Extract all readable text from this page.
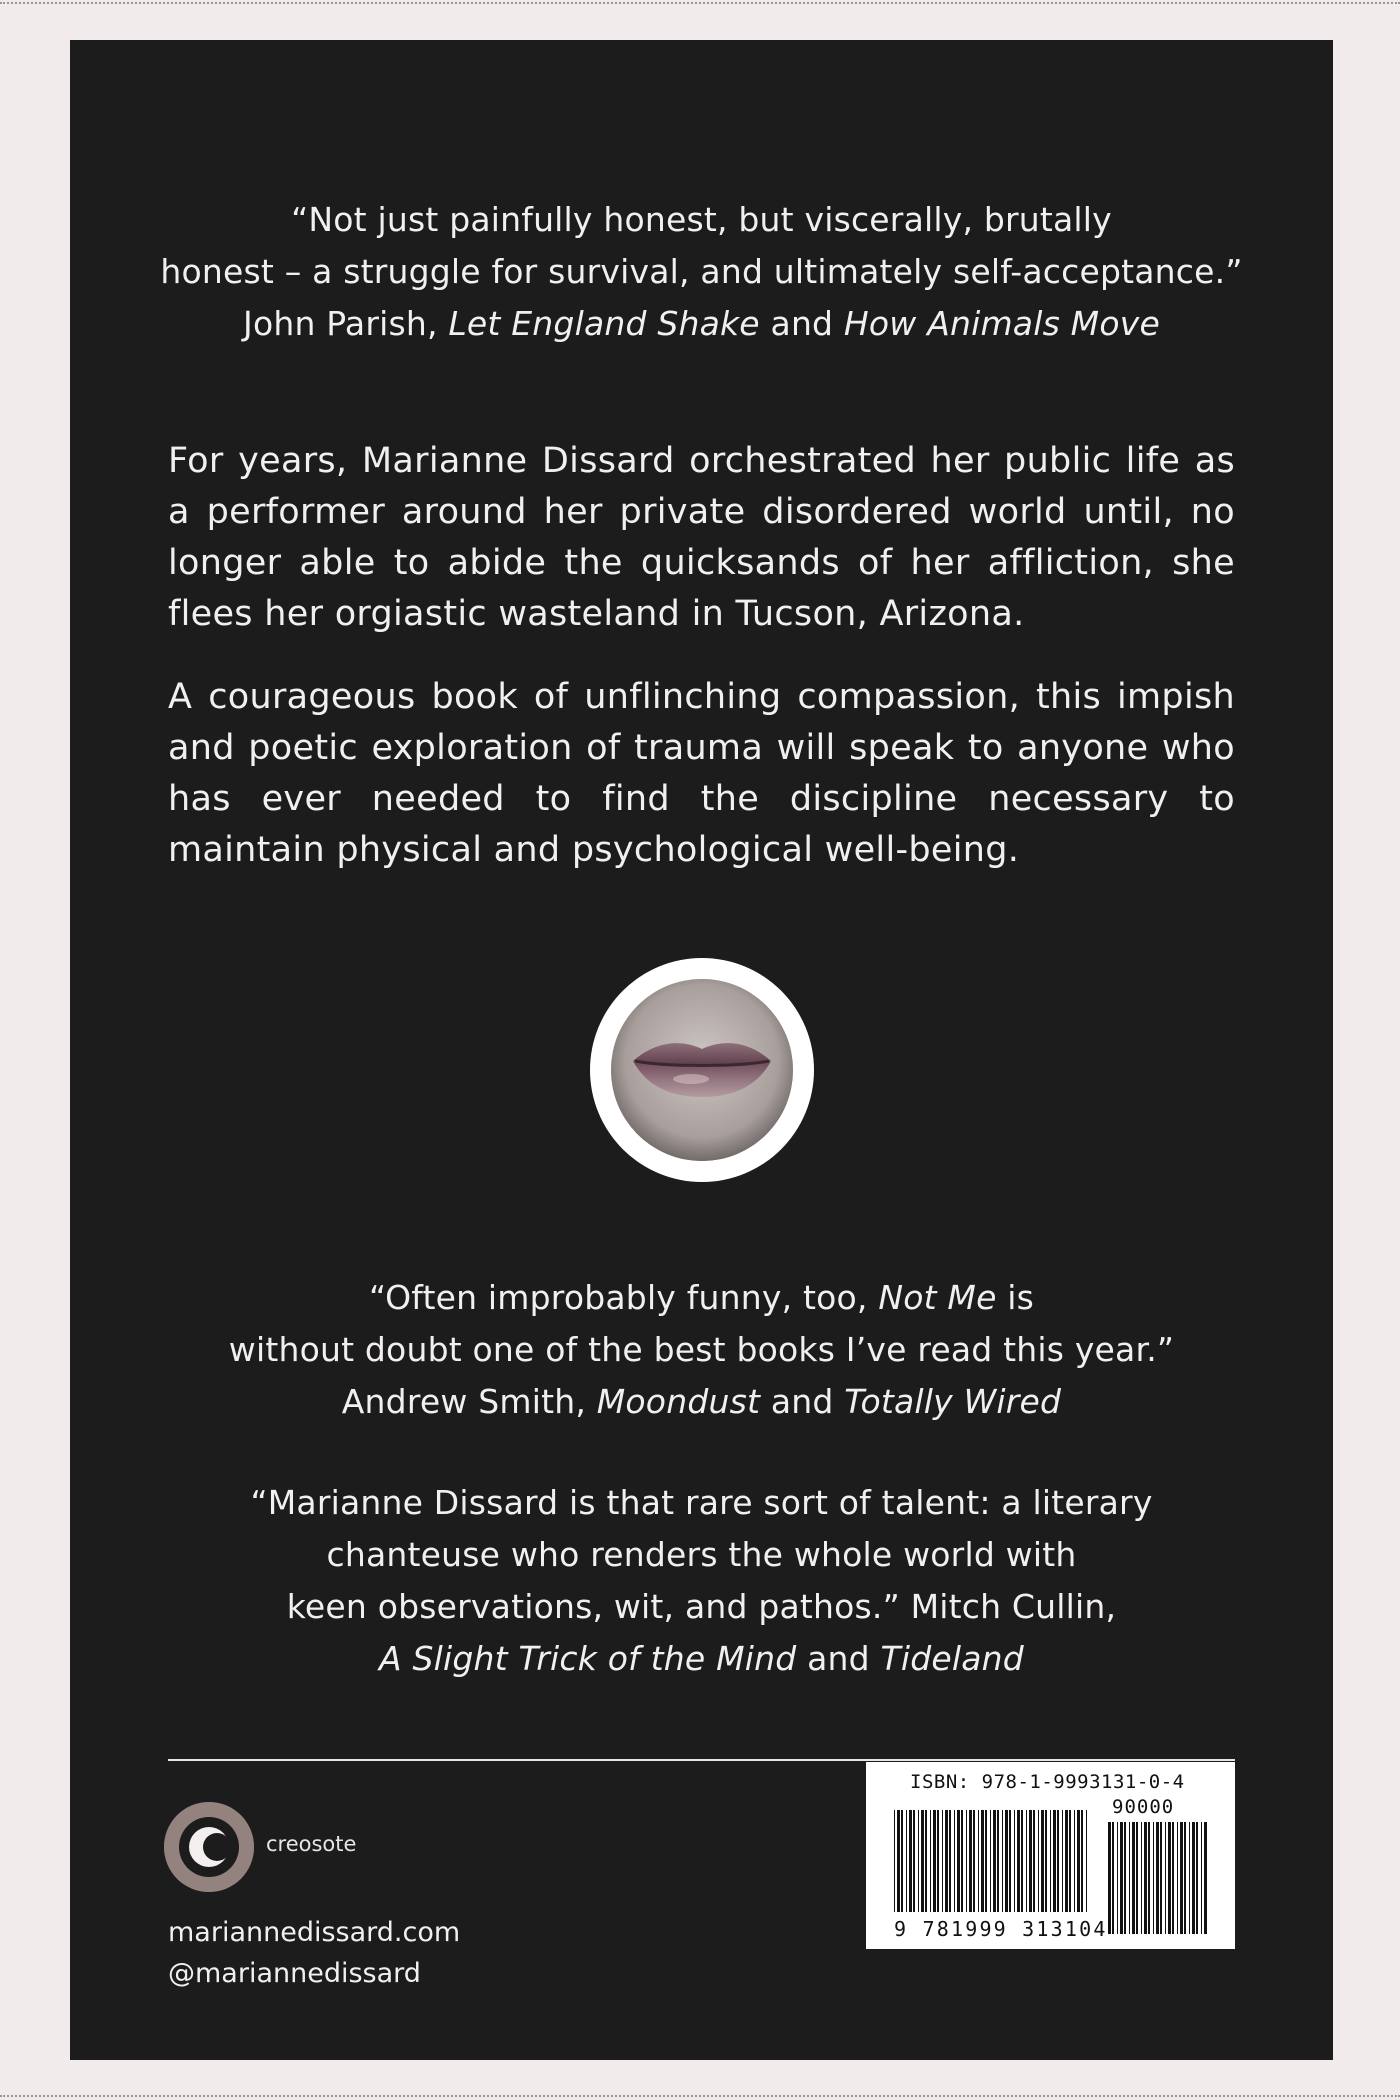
“Not just painfully honest, but viscerally, brutally
honest – a struggle for survival, and ultimately self-acceptance.”
John Parish, Let England Shake and How Animals Move

For years, Marianne Dissard orchestrated her public life as a performer around her private disordered world until, no longer able to abide the quicksands of her affliction, she flees her orgiastic wasteland in Tucson, Arizona.

A courageous book of unflinching compassion, this impish and poetic exploration of trauma will speak to anyone who has ever needed to find the discipline necessary to maintain physical and psychological well-being.

“Often improbably funny, too, Not Me is
without doubt one of the best books I’ve read this year.”
Andrew Smith, Moondust and Totally Wired
“Marianne Dissard is that rare sort of talent: a literary
chanteuse who renders the whole world with
keen observations, wit, and pathos.” Mitch Cullin,
A Slight Trick of the Mind and Tideland
creosote
mariannedissard.com
@mariannedissard
ISBN: 978-1-9993131-0-4
90000
9 781999 313104
